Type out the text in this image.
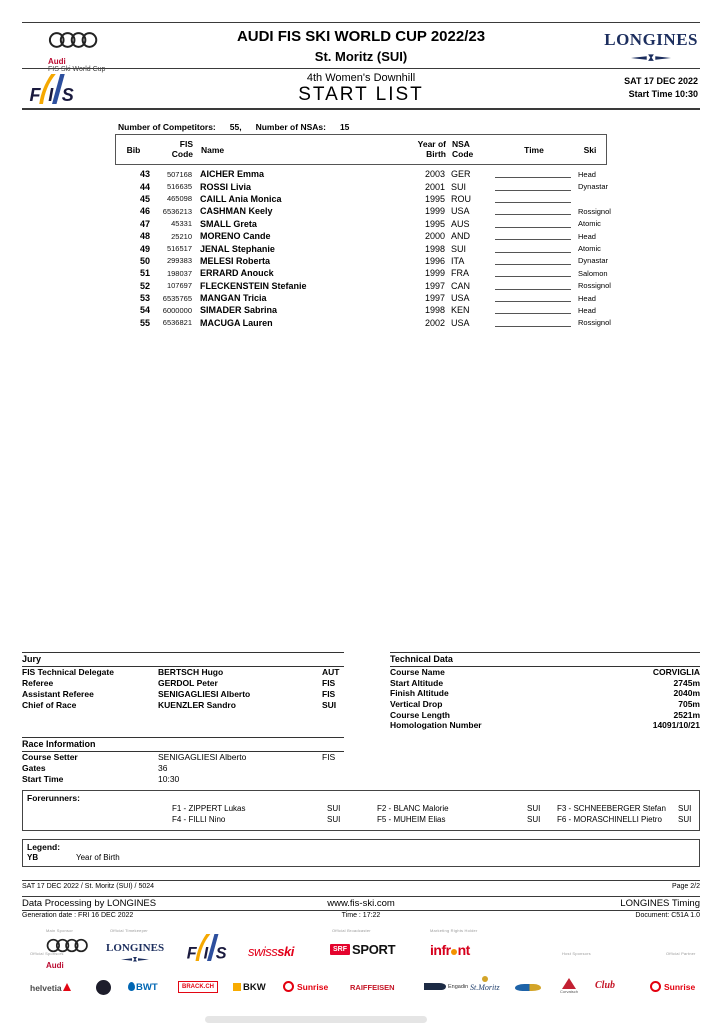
Audi
FIS Ski World Cup
AUDI FIS SKI WORLD CUP 2022/23
St. Moritz (SUI)
LONGINES
F I S
4th Women's Downhill
START LIST
SAT 17 DEC 2022
Start Time 10:30
Number of Competitors: 55, Number of NSAs: 15
Bib
FIS
Code Name
Year of
Birth
NSA
Code	Time	Ski
43	507168 AICHER Emma	2003 GER	Head
44	516635 ROSSI Livia	2001 SUI	Dynastar
45	465098 CAILL Ania Monica	1995 ROU
46	6536213 CASHMAN Keely	1999 USA	Rossignol
47	45331 SMALL Greta	1995 AUS	Atomic
48	25210 MORENO Cande	2000 AND	Head
49	516517 JENAL Stephanie	1998 SUI	Atomic
50	299383 MELESI Roberta	1996 ITA	Dynastar
51	198037 ERRARD Anouck	1999 FRA	Salomon
52	107697 FLECKENSTEIN Stefanie	1997 CAN	Rossignol
53	6535765 MANGAN Tricia	1997 USA	Head
54	6000000 SIMADER Sabrina	1998 KEN	Head
55	6536821 MACUGA Lauren	2002 USA	Rossignol
Jury
FIS Technical Delegate	BERTSCH Hugo	AUT
Referee	GERDOL Peter	FIS
Assistant Referee	SENIGAGLIESI Alberto	FIS
Chief of Race	KUENZLER Sandro	SUI
Technical Data
Course Name	CORVIGLIA
Start Altitude	2745m
Finish Altitude	2040m
Vertical Drop	705m
Course Length	2521m
Homologation Number	14091/10/21
Race Information
Course Setter	SENIGAGLIESI Alberto	FIS
Gates	36
Start Time	10:30
Forerunners:
F1 - ZIPPERT Lukas	SUI	F2 - BLANC Malorie	SUI	F3 - SCHNEEBERGER Stefan	SUI
F4 - FILLI Nino	SUI	F5 - MUHEIM Elias	SUI	F6 - MORASCHINELLI Pietro	SUI
Legend:
YB	Year of Birth
SAT 17 DEC 2022 / St. Moritz (SUI) / 5024	Page 2/2
Data Processing by LONGINES	www.fis-ski.com	LONGINES Timing
Generation date : FRI 16 DEC 2022	Time : 17:22	Document: C51A 1.0
Main Sponsor	Official Timekeeper	Official Broadcaster	Marketing Rights Holder
Audi
LONGINES F I S swissski	SRF SPORT infr nt
Official Sponsors	Host Sponsors	Official Partner
helvetia	BWT	BRACK.CH	BKW	Sunrise	RAIFFEISEN	Engadin St.Moritz	Corvatsch
Club	Sunrise
